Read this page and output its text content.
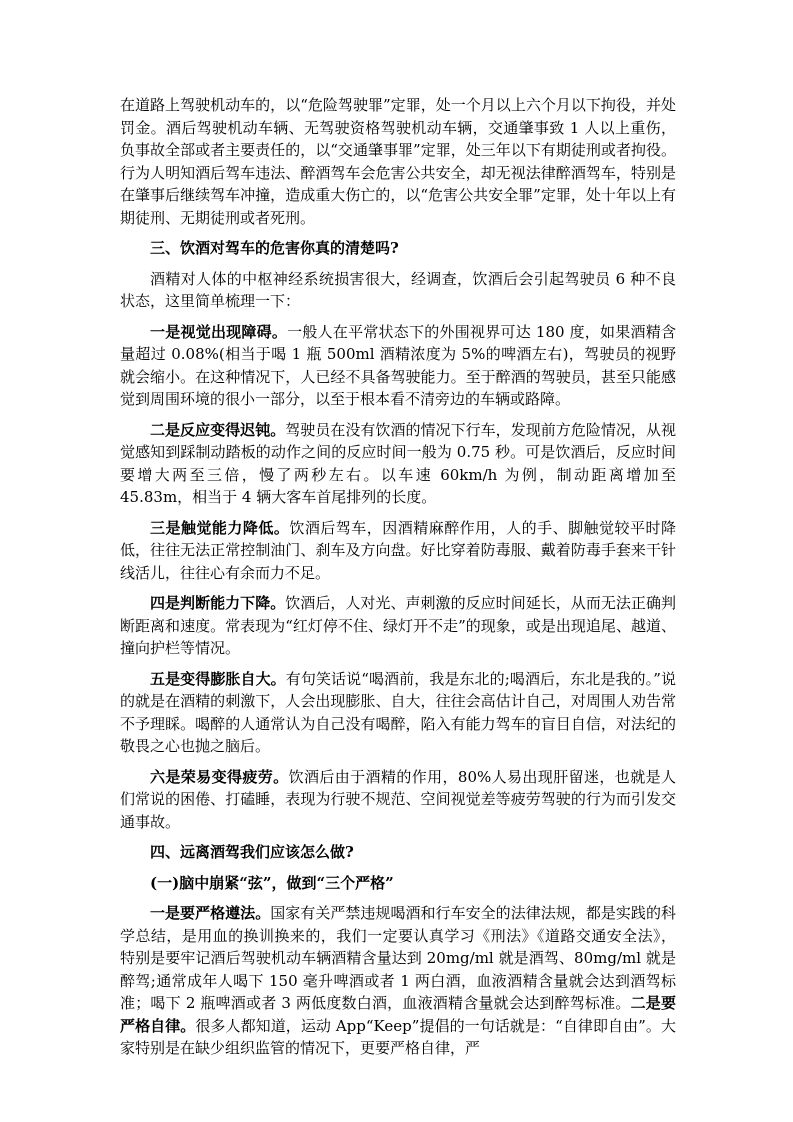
在道路上驾驶机动车的，以“危险驾驶罪”定罪，处一个月以上六个月以下拘役，并处罚金。酒后驾驶机动车辆、无驾驶资格驾驶机动车辆，交通肇事致 1 人以上重伤，负事故全部或者主要责任的，以“交通肇事罪”定罪，处三年以下有期徒刑或者拘役。行为人明知酒后驾车违法、醉酒驾车会危害公共安全，却无视法律醉酒驾车，特别是在肇事后继续驾车冲撞，造成重大伤亡的，以“危害公共安全罪”定罪，处十年以上有期徒刑、无期徒刑或者死刑。

三、饮酒对驾车的危害你真的清楚吗?

酒精对人体的中枢神经系统损害很大，经调查，饮酒后会引起驾驶员 6 种不良状态，这里简单梳理一下：

一是视觉出现障碍。一般人在平常状态下的外围视界可达 180 度，如果酒精含量超过 0.08%(相当于喝 1 瓶 500ml 酒精浓度为 5%的啤酒左右)，驾驶员的视野就会缩小。在这种情况下，人已经不具备驾驶能力。至于醉酒的驾驶员，甚至只能感觉到周围环境的很小一部分，以至于根本看不清旁边的车辆或路障。

二是反应变得迟钝。驾驶员在没有饮酒的情况下行车，发现前方危险情况，从视觉感知到踩制动踏板的动作之间的反应时间一般为 0.75 秒。可是饮酒后，反应时间要增大两至三倍，慢了两秒左右。以车速 60km/h 为例，制动距离增加至 45.83m，相当于 4 辆大客车首尾排列的长度。

三是触觉能力降低。饮酒后驾车，因酒精麻醉作用，人的手、脚触觉较平时降低，往往无法正常控制油门、刹车及方向盘。好比穿着防毒服、戴着防毒手套来干针线活儿，往往心有余而力不足。

四是判断能力下降。饮酒后，人对光、声刺激的反应时间延长，从而无法正确判断距离和速度。常表现为“红灯停不住、绿灯开不走”的现象，或是出现追尾、越道、撞向护栏等情况。

五是变得膨胀自大。有句笑话说“喝酒前，我是东北的;喝酒后，东北是我的。”说的就是在酒精的刺激下，人会出现膨胀、自大，往往会高估计自己，对周围人劝告常不予理睬。喝醉的人通常认为自己没有喝醉，陷入有能力驾车的盲目自信，对法纪的敬畏之心也抛之脑后。

六是荣易变得疲劳。饮酒后由于酒精的作用，80%人易出现肝留迷，也就是人们常说的困倦、打磕睡，表现为行驶不规范、空间视觉差等疲劳驾驶的行为而引发交通事故。

四、远离酒驾我们应该怎么做?

(一)脑中崩紧“弦”，做到“三个严格”

一是要严格遵法。国家有关严禁违规喝酒和行车安全的法律法规，都是实践的科学总结，是用血的换训换来的，我们一定要认真学习《刑法》《道路交通安全法》， 特别是要牢记酒后驾驶机动车辆酒精含量达到 20mg/ml 就是酒驾、80mg/ml 就是醉驾;通常成年人喝下 150 毫升啤酒或者 1 两白酒，血液酒精含量就会达到酒驾标准；喝下 2 瓶啤酒或者 3 两低度数白酒，血液酒精含量就会达到醉驾标准。二是要严格自律。很多人都知道，运动 App“Keep”提倡的一句话就是：“自律即自由”。大家特别是在缺少组织监管的情况下，更要严格自律，严
